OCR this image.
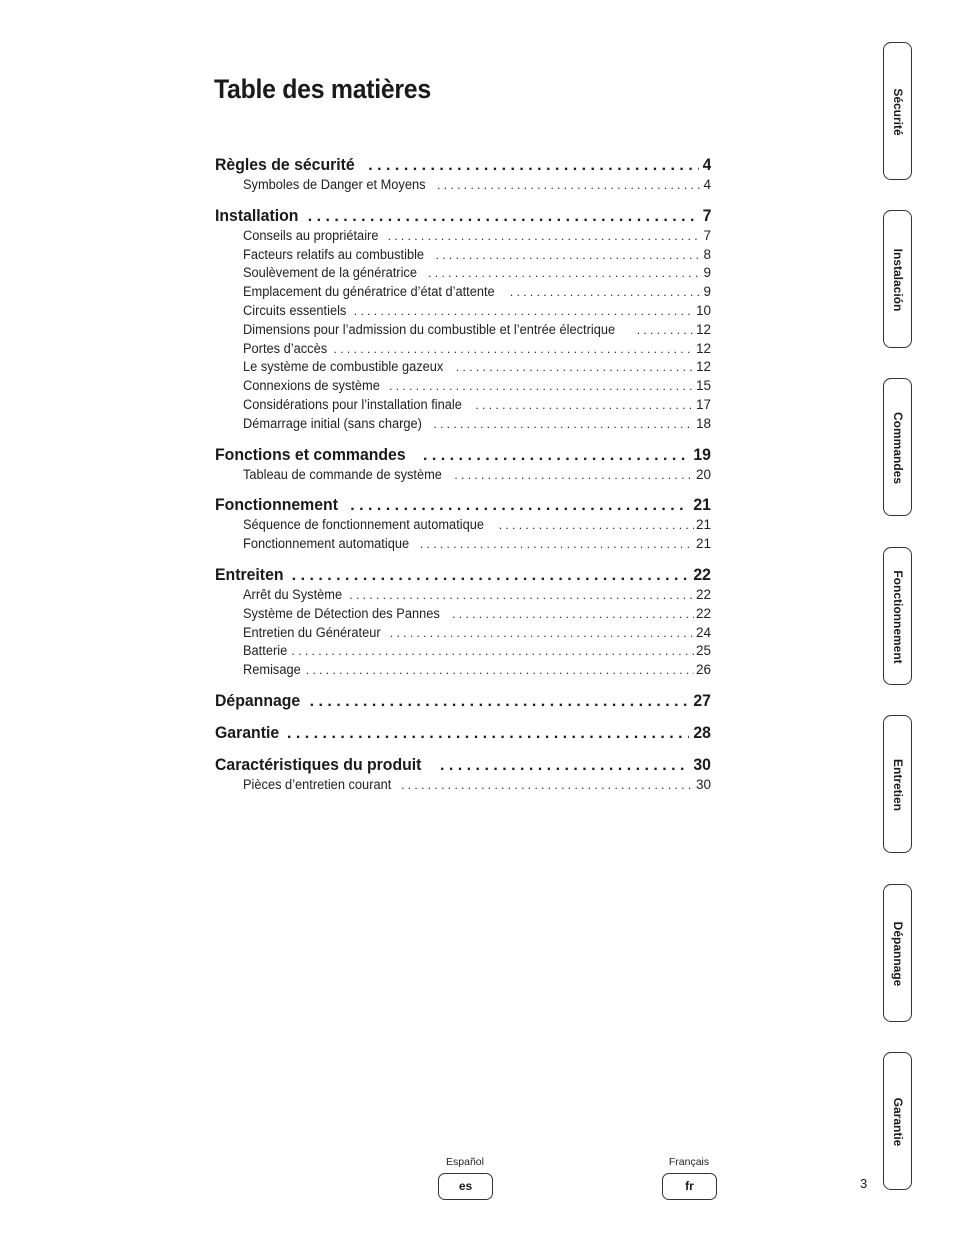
Table des matières
Règles de sécurité . . .	4
Symboles de Danger et Moyens . . .	4
Installation . . .	7
Conseils au propriétaire . . .	7
Facteurs relatifs au combustible . . .	8
Soulèvement de la génératrice . . .	9
Emplacement du génératrice d’état d’attente . . .	9
Circuits essentiels . . .	10
Dimensions pour l’admission du combustible et l’entrée électrique . . .	12
Portes d’accès . . .	12
Le système de combustible gazeux . . .	12
Connexions de système . . .	15
Considérations pour l’installation finale . . .	17
Démarrage initial (sans charge) . . .	18
Fonctions et commandes . . .	19
Tableau de commande de système . . .	20
Fonctionnement . . .	21
Séquence de fonctionnement automatique . . .	21
Fonctionnement automatique . . .	21
Entreiten . . .	22
Arrêt du Système . . .	22
Système de Détection des Pannes . . .	22
Entretien du Générateur . . .	24
Batterie . . .	25
Remisage . . .	26
Dépannage . . .	27
Garantie . . .	28
Caractéristiques du produit . . .	30
Pièces d’entretien courant . . .	30
Sécurité
Instalación
Commandes
Fonctionnement
Entretien
Dépannage
Garantie
Español
es
Français
fr	3
